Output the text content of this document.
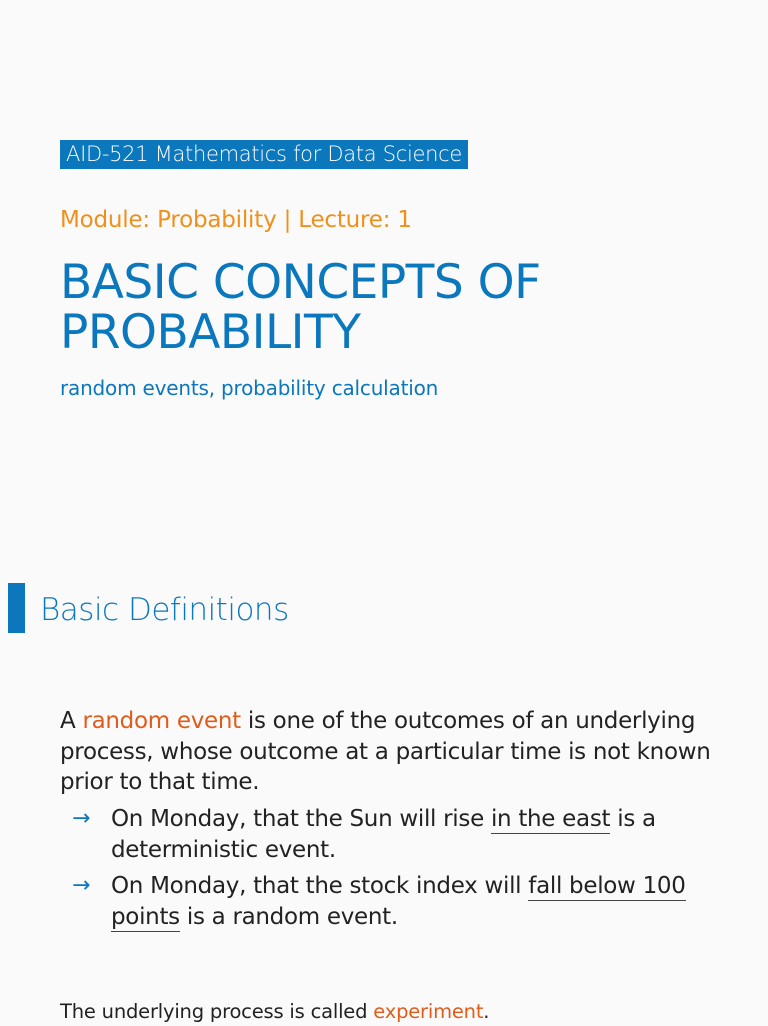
AID-521 Mathematics for Data Science
Module: Probability | Lecture: 1
BASIC CONCEPTS OF
PROBABILITY
random events, probability calculation
Basic Definitions

A random event is one of the outcomes of an underlying process, whose outcome at a particular time is not known prior to that time.

→ On Monday, that the Sun will rise in the east is a deterministic event.
→ On Monday, that the stock index will fall below 100 points is a random event.
The underlying process is called experiment.
